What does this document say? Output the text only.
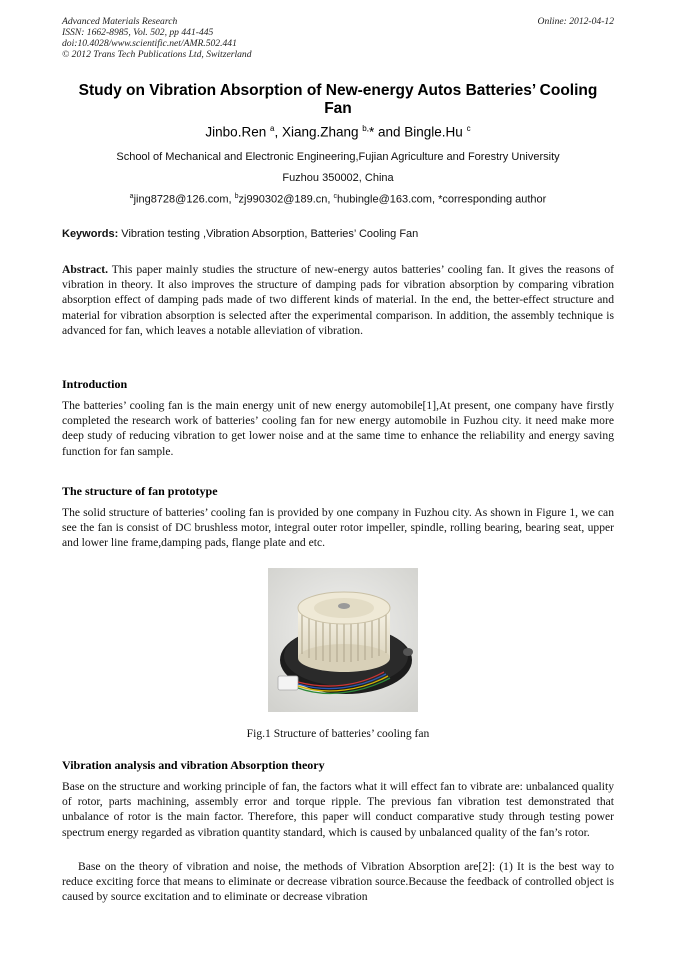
Advanced Materials Research
ISSN: 1662-8985, Vol. 502, pp 441-445
doi:10.4028/www.scientific.net/AMR.502.441
© 2012 Trans Tech Publications Ltd, Switzerland
Online: 2012-04-12
Study on Vibration Absorption of New-energy Autos Batteries’ Cooling
Fan
Jinbo.Ren $^a$, Xiang.Zhang $^{b,}$* and Bingle.Hu $^c$
School of Mechanical and Electronic Engineering,Fujian Agriculture and Forestry University
Fuzhou 350002, China
$^a$jing8728@126.com, $^b$zj990302@189.cn, $^c$hubingle@163.com, *corresponding author
Keywords: Vibration testing ,Vibration Absorption, Batteries’ Cooling Fan

Abstract. This paper mainly studies the structure of new-energy autos batteries’ cooling fan. It gives the reasons of vibration in theory. It also improves the structure of damping pads for vibration absorption by comparing vibration absorption effect of damping pads made of two different kinds of material. In the end, the better-effect structure and material for vibration absorption is selected after the experimental comparison. In addition, the assembly technique is advanced for fan, which leaves a notable alleviation of vibration.

Introduction

The batteries’ cooling fan is the main energy unit of new energy automobile[1],At present, one company have firstly completed the research work of batteries’ cooling fan for new energy automobile in Fuzhou city. it need make more deep study of reducing vibration to get lower noise and at the same time to enhance the reliability and energy saving function for fan sample.

The structure of fan prototype

The solid structure of batteries’ cooling fan is provided by one company in Fuzhou city. As shown in Figure 1, we can see the fan is consist of DC brushless motor, integral outer rotor impeller, spindle, rolling bearing, bearing seat, upper and lower line frame,damping pads, flange plate and etc.

Fig.1 Structure of batteries’ cooling fan

Vibration analysis and vibration Absorption theory

Base on the structure and working principle of fan, the factors what it will effect fan to vibrate are: unbalanced quality of rotor, parts machining, assembly error and torque ripple. The previous fan vibration test demonstrated that unbalance of rotor is the main factor. Therefore, this paper will conduct comparative study through testing power spectrum energy regarded as vibration quantity standard, which is caused by unbalanced quality of the fan’s rotor.

Base on the theory of vibration and noise, the methods of Vibration Absorption are[2]: (1) It is the best way to reduce exciting force that means to eliminate or decrease vibration source.Because the feedback of controlled object is caused by source excitation and to eliminate or decrease vibration
